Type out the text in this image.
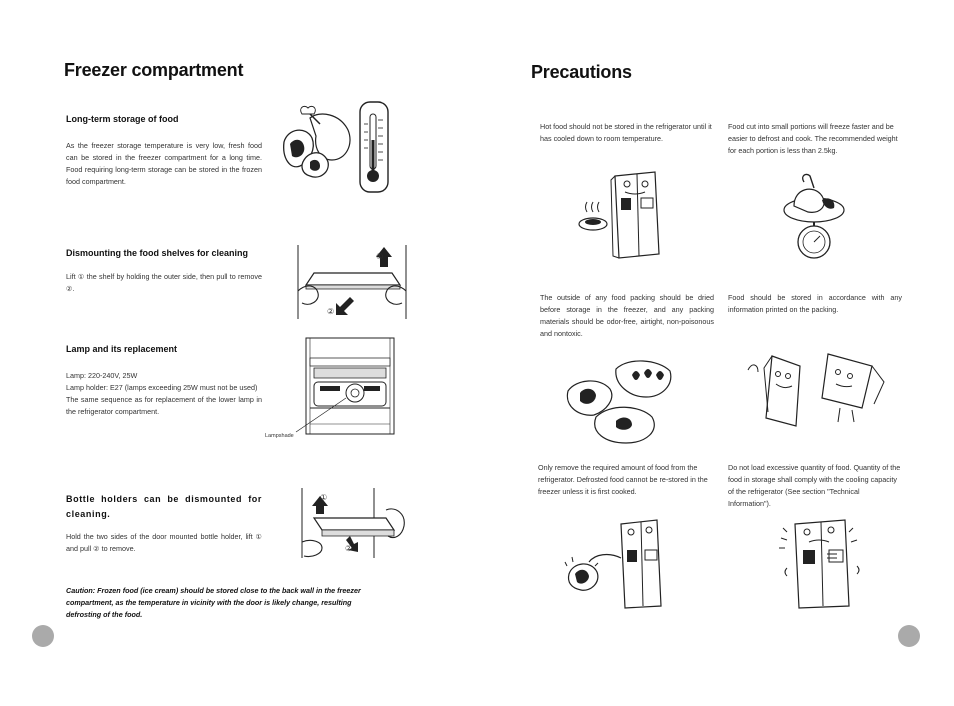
Freezer compartment
Long-term storage of food
As the freezer storage temperature is very low, fresh food can be stored in the freezer compartment for a long time. Food requiring long-term storage can be stored in the frozen food compartment.
Dismounting the food shelves for cleaning
Lift ① the shelf by holding the outer side, then pull to remove ②.
①
②
Lamp and its replacement
Lamp: 220-240V, 25W
Lamp holder: E27 (lamps exceeding 25W must not be used)
The same sequence as for replacement of the lower lamp in the refrigerator compartment.
Lampshade
Bottle holders can be dismounted for cleaning.
Hold the two sides of the door mounted bottle holder, lift ① and pull ② to remove.
①
②
Caution: Frozen food (ice cream) should be stored close to the back wall in the freezer compartment, as the temperature in vicinity with the door is likely change, resulting defrosting of the food.
Precautions
Hot food should not be stored in the refrigerator until it has cooled down to room temperature.
Food cut into small portions will freeze faster and be easier to defrost and cook. The recommended weight for each portion is less than 2.5kg.
The outside of any food packing should be dried before storage in the freezer, and any packing materials should be odor-free, airtight, non-poisonous and nontoxic.
Food should be stored in accordance with any information printed on the packing.
Only remove the required amount of food from the refrigerator. Defrosted food cannot be re-stored in the freezer unless it is first cooked.
Do not load excessive quantity of food. Quantity of the food in storage shall comply with the cooling capacity of the refrigerator (See section "Technical Information").
